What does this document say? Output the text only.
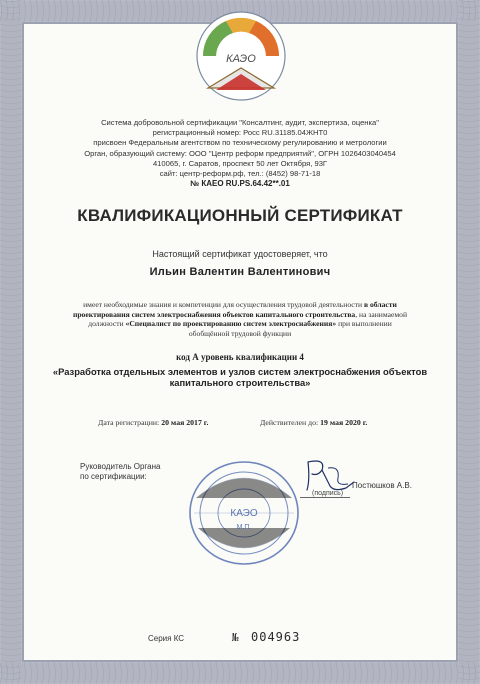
КАЭО
Система добровольной сертификации "Консалтинг, аудит, экспертиза, оценка"
регистрационный номер: Росс RU.31185.04ЖНТ0
присвоен Федеральным агентством по техническому регулированию и метрологии
Орган, образующий систему: ООО "Центр реформ предприятий", ОГРН 1026403040454
410065, г. Саратов, проспект 50 лет Октября, 93Г
сайт: центр-реформ.рф, тел.: (8452) 98-71-18
№ КАЕО RU.PS.64.42**.01
КВАЛИФИКАЦИОННЫЙ СЕРТИФИКАТ
Настоящий сертификат удостоверяет, что
Ильин Валентин Валентинович
имеет необходимые знания и компетенции для осуществления трудовой деятельности в области проектирования систем электроснабжения объектов капитального строительства, на занимаемой должности «Специалист по проектированию систем электроснабжения» при выполнении обобщённой трудовой функции
код А уровень квалификации 4
«Разработка отдельных элементов и узлов систем электроснабжения объектов капитального строительства»
Дата регистрации: 20 мая 2017 г.	Действителен до: 19 мая 2020 г.
Руководитель Органа
по сертификации:
КАЭО
М.П.
(подпись)
Постюшков А.В.
Серия КС	№ 004963
